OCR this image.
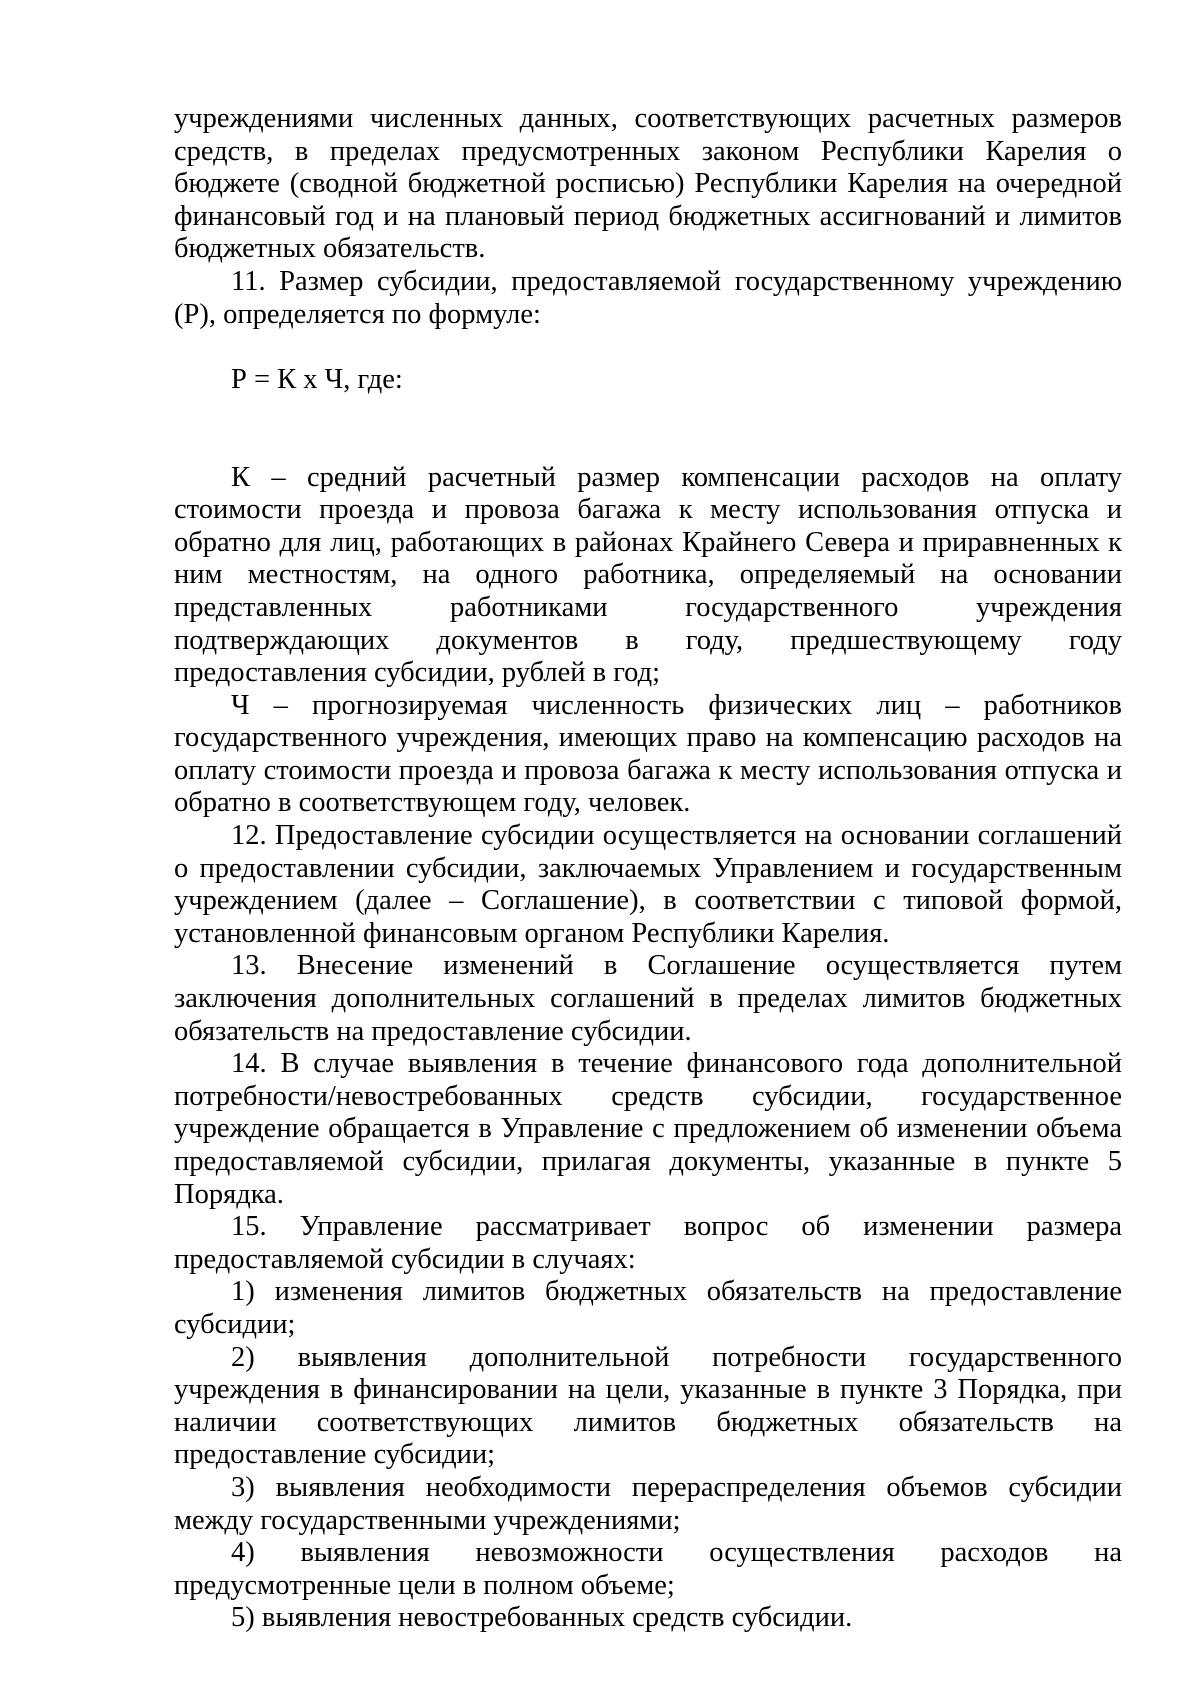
учреждениями численных данных, соответствующих расчетных размеров средств, в пределах предусмотренных законом Республики Карелия о бюджете (сводной бюджетной росписью) Республики Карелия на очередной финансовый год и на плановый период бюджетных ассигнований и лимитов бюджетных обязательств.

11. Размер субсидии, предоставляемой государственному учреждению (Р), определяется по формуле:

Р = К х Ч, где:

К – средний расчетный размер компенсации расходов на оплату стоимости проезда и провоза багажа к месту использования отпуска и обратно для лиц, работающих в районах Крайнего Севера и приравненных к ним местностям, на одного работника, определяемый на основании представленных работниками государственного учреждения подтверждающих документов в году, предшествующему году предоставления субсидии, рублей в год;

Ч – прогнозируемая численность физических лиц – работников государственного учреждения, имеющих право на компенсацию расходов на оплату стоимости проезда и провоза багажа к месту использования отпуска и обратно в соответствующем году, человек.

12. Предоставление субсидии осуществляется на основании соглашений о предоставлении субсидии, заключаемых Управлением и государственным учреждением (далее – Соглашение), в соответствии с типовой формой, установленной финансовым органом Республики Карелия.

13. Внесение изменений в Соглашение осуществляется путем заключения дополнительных соглашений в пределах лимитов бюджетных обязательств на предоставление субсидии.

14. В случае выявления в течение финансового года дополнительной потребности/невостребованных средств субсидии, государственное учреждение обращается в Управление с предложением об изменении объема предоставляемой субсидии, прилагая документы, указанные в пункте 5 Порядка.

15. Управление рассматривает вопрос об изменении размера предоставляемой субсидии в случаях:

1) изменения лимитов бюджетных обязательств на предоставление субсидии;

2) выявления дополнительной потребности государственного учреждения в финансировании на цели, указанные в пункте 3 Порядка, при наличии соответствующих лимитов бюджетных обязательств на предоставление субсидии;

3) выявления необходимости перераспределения объемов субсидии между государственными учреждениями;

4) выявления невозможности осуществления расходов на предусмотренные цели в полном объеме;

5) выявления невостребованных средств субсидии.
